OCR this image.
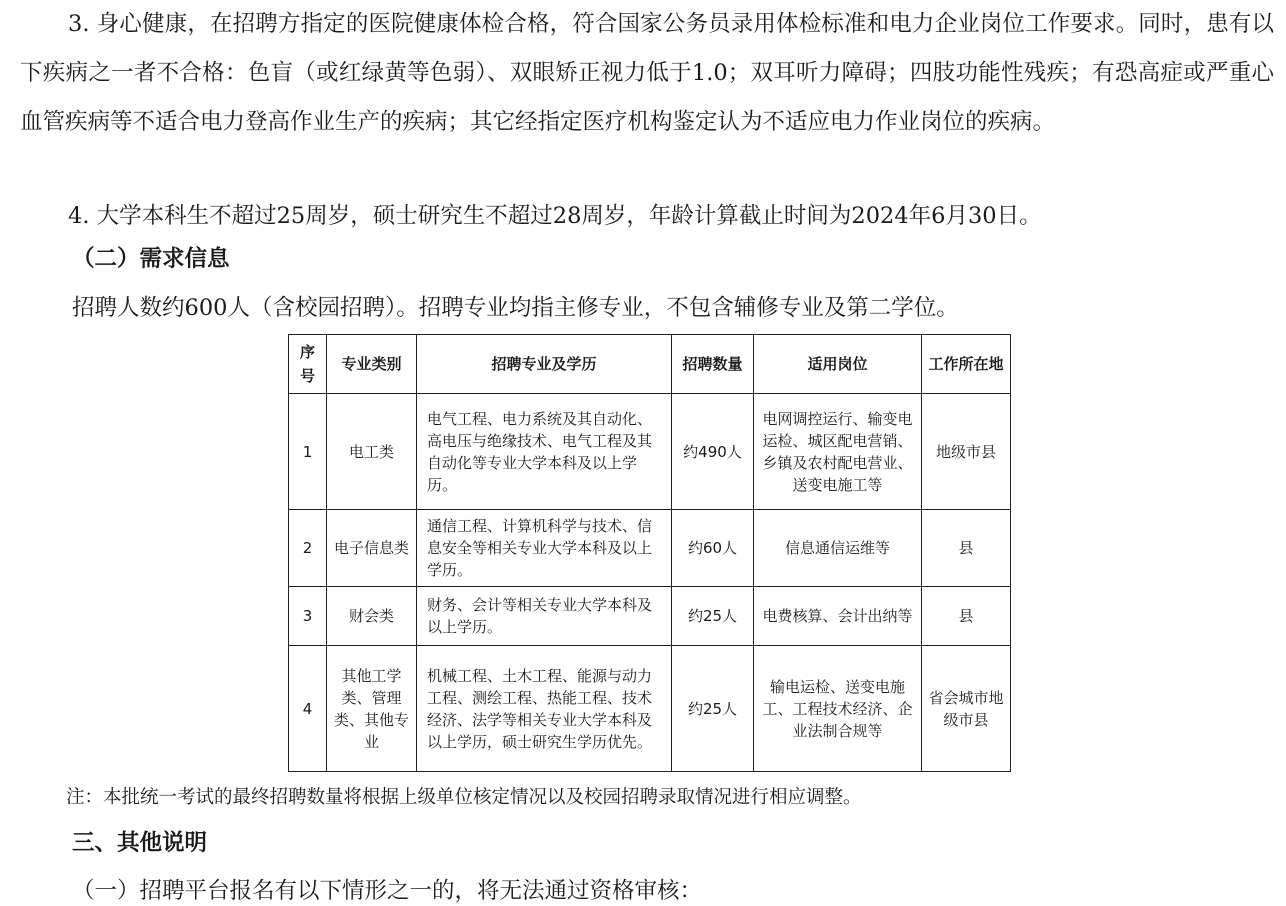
3. 身心健康，在招聘方指定的医院健康体检合格，符合国家公务员录用体检标准和电力企业岗位工作要求。同时，患有以下疾病之一者不合格：色盲（或红绿黄等色弱）、双眼矫正视力低于1.0；双耳听力障碍；四肢功能性残疾；有恐高症或严重心血管疾病等不适合电力登高作业生产的疾病；其它经指定医疗机构鉴定认为不适应电力作业岗位的疾病。
4. 大学本科生不超过25周岁，硕士研究生不超过28周岁，年龄计算截止时间为2024年6月30日。
（二）需求信息
招聘人数约600人（含校园招聘）。招聘专业均指主修专业，不包含辅修专业及第二学位。
序号	专业类别	招聘专业及学历	招聘数量	适用岗位	工作所在地
1	电工类	电气工程、电力系统及其自动化、高电压与绝缘技术、电气工程及其自动化等专业大学本科及以上学历。	约490人	电网调控运行、输变电运检、城区配电营销、乡镇及农村配电营业、送变电施工等	地级市县
2	电子信息类	通信工程、计算机科学与技术、信息安全等相关专业大学本科及以上学历。	约60人	信息通信运维等	县
3	财会类	财务、会计等相关专业大学本科及以上学历。	约25人	电费核算、会计出纳等	县
4	其他工学类、管理类、其他专业	机械工程、土木工程、能源与动力工程、测绘工程、热能工程、技术经济、法学等相关专业大学本科及以上学历，硕士研究生学历优先。	约25人	输电运检、送变电施工、工程技术经济、企业法制合规等	省会城市地级市县
注：本批统一考试的最终招聘数量将根据上级单位核定情况以及校园招聘录取情况进行相应调整。
三、其他说明
（一）招聘平台报名有以下情形之一的，将无法通过资格审核：
